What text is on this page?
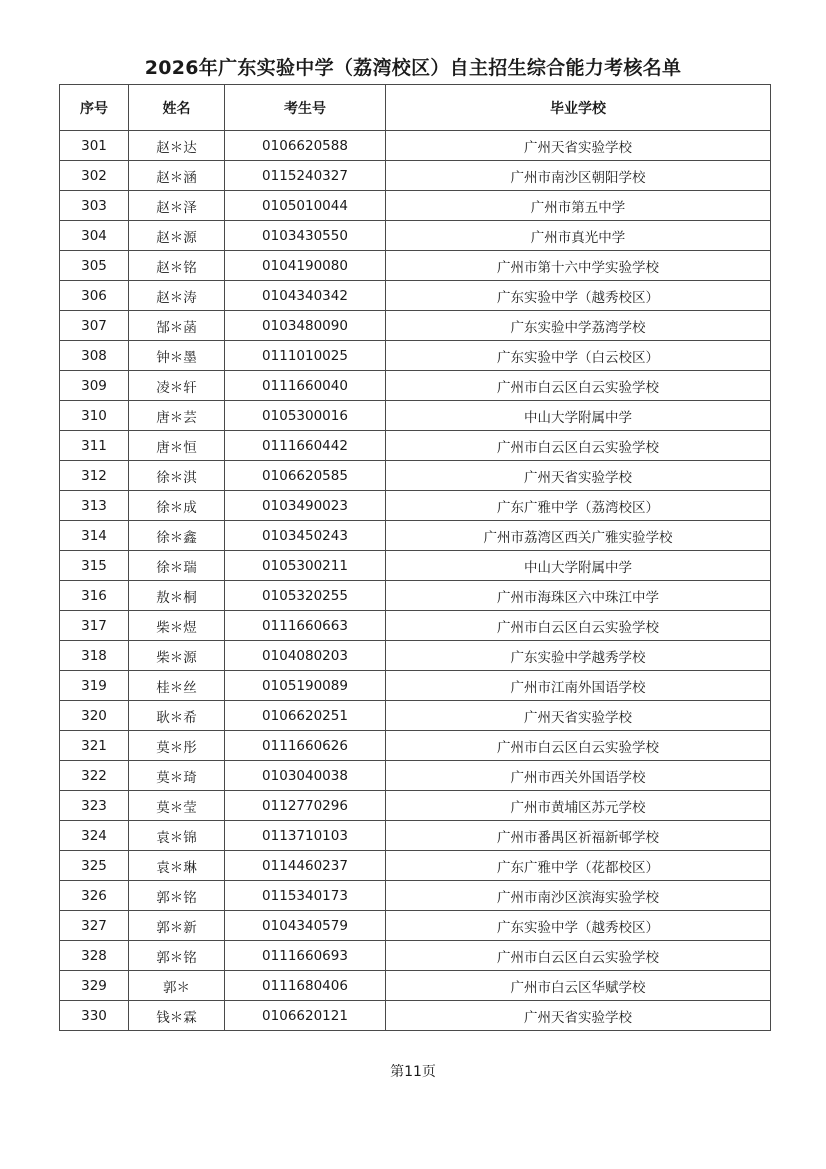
2026年广东实验中学（荔湾校区）自主招生综合能力考核名单
序号	姓名	考生号	毕业学校
301	赵＊达	0106620588	广州天省实验学校
302	赵＊涵	0115240327	广州市南沙区朝阳学校
303	赵＊泽	0105010044	广州市第五中学
304	赵＊源	0103430550	广州市真光中学
305	赵＊铭	0104190080	广州市第十六中学实验学校
306	赵＊涛	0104340342	广东实验中学（越秀校区）
307	郜＊菡	0103480090	广东实验中学荔湾学校
308	钟＊墨	0111010025	广东实验中学（白云校区）
309	凌＊轩	0111660040	广州市白云区白云实验学校
310	唐＊芸	0105300016	中山大学附属中学
311	唐＊恒	0111660442	广州市白云区白云实验学校
312	徐＊淇	0106620585	广州天省实验学校
313	徐＊成	0103490023	广东广雅中学（荔湾校区）
314	徐＊鑫	0103450243	广州市荔湾区西关广雅实验学校
315	徐＊瑞	0105300211	中山大学附属中学
316	敖＊桐	0105320255	广州市海珠区六中珠江中学
317	柴＊煜	0111660663	广州市白云区白云实验学校
318	柴＊源	0104080203	广东实验中学越秀学校
319	桂＊丝	0105190089	广州市江南外国语学校
320	耿＊希	0106620251	广州天省实验学校
321	莫＊彤	0111660626	广州市白云区白云实验学校
322	莫＊琦	0103040038	广州市西关外国语学校
323	莫＊莹	0112770296	广州市黄埔区苏元学校
324	袁＊锦	0113710103	广州市番禺区祈福新邨学校
325	袁＊琳	0114460237	广东广雅中学（花都校区）
326	郭＊铭	0115340173	广州市南沙区滨海实验学校
327	郭＊新	0104340579	广东实验中学（越秀校区）
328	郭＊铭	0111660693	广州市白云区白云实验学校
329	郭＊	0111680406	广州市白云区华赋学校
330	钱＊霖	0106620121	广州天省实验学校
第11页
